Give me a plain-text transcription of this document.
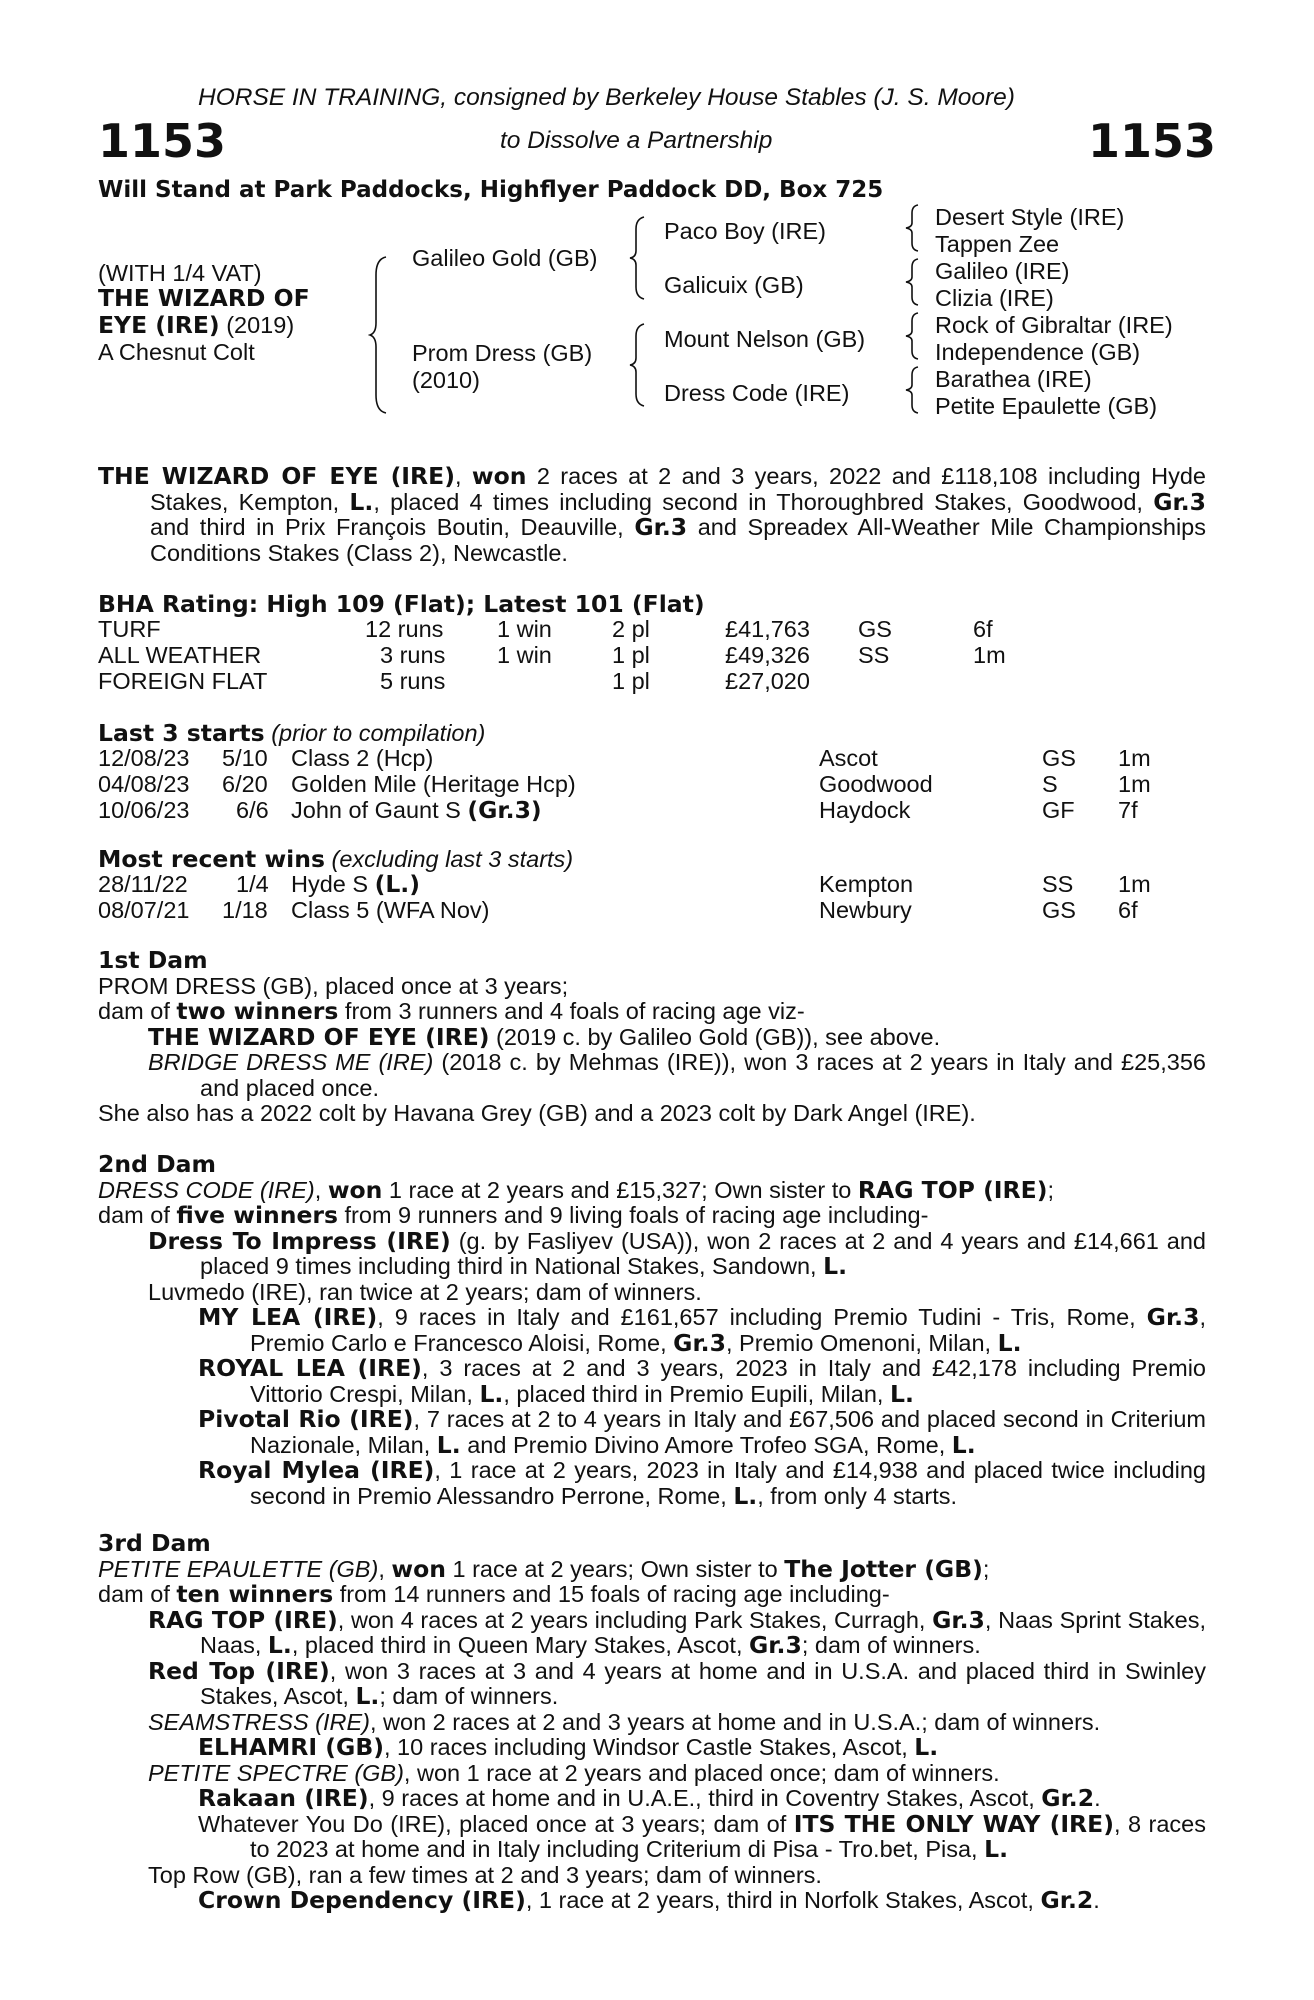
HORSE IN TRAINING, consigned by Berkeley House Stables (J. S. Moore)
1153	to Dissolve a Partnership	1153
Will Stand at Park Paddocks, Highflyer Paddock DD, Box 725
(WITH 1/4 VAT)
THE WIZARD OF
EYE (IRE) (2019)
A Chesnut Colt
Galileo Gold (GB)
Prom Dress (GB)
(2010)
Paco Boy (IRE)
Galicuix (GB)
Mount Nelson (GB)
Dress Code (IRE)
Desert Style (IRE)
Tappen Zee
Galileo (IRE)
Clizia (IRE)
Rock of Gibraltar (IRE)
Independence (GB)
Barathea (IRE)
Petite Epaulette (GB)

THE WIZARD OF EYE (IRE), won 2 races at 2 and 3 years, 2022 and £118,108 including Hyde Stakes, Kempton, L., placed 4 times including second in Thoroughbred Stakes, Goodwood, Gr.3 and third in Prix François Boutin, Deauville, Gr.3 and Spreadex All-Weather Mile Championships Conditions Stakes (Class 2), Newcastle.

BHA Rating: High 109 (Flat); Latest 101 (Flat)
TURF	12 runs 1 win	2 pl	£41,763 GS	6f
ALL WEATHER	3 runs 1 win	1 pl	£49,326 SS	1m
FOREIGN FLAT	5 runs	1 pl	£27,020
Last 3 starts (prior to compilation)
12/08/23 5/10 Class 2 (Hcp)	Ascot	GS 1m
04/08/23 6/20 Golden Mile (Heritage Hcp)	Goodwood	S	1m
10/06/23 6/6 John of Gaunt S (Gr.3)	Haydock	GF 7f
Most recent wins (excluding last 3 starts)
28/11/22 1/4 Hyde S (L.)	Kempton	SS 1m
08/07/21 1/18 Class 5 (WFA Nov)	Newbury	GS 6f

1st Dam

PROM DRESS (GB), placed once at 3 years;

dam of two winners from 3 runners and 4 foals of racing age viz-

THE WIZARD OF EYE (IRE) (2019 c. by Galileo Gold (GB)), see above.

BRIDGE DRESS ME (IRE) (2018 c. by Mehmas (IRE)), won 3 races at 2 years in Italy and £25,356 and placed once.

She also has a 2022 colt by Havana Grey (GB) and a 2023 colt by Dark Angel (IRE).

2nd Dam

DRESS CODE (IRE), won 1 race at 2 years and £15,327; Own sister to RAG TOP (IRE);

dam of five winners from 9 runners and 9 living foals of racing age including-

Dress To Impress (IRE) (g. by Fasliyev (USA)), won 2 races at 2 and 4 years and £14,661 and placed 9 times including third in National Stakes, Sandown, L.

Luvmedo (IRE), ran twice at 2 years; dam of winners.

MY LEA (IRE), 9 races in Italy and £161,657 including Premio Tudini - Tris, Rome, Gr.3, Premio Carlo e Francesco Aloisi, Rome, Gr.3, Premio Omenoni, Milan, L.

ROYAL LEA (IRE), 3 races at 2 and 3 years, 2023 in Italy and £42,178 including Premio Vittorio Crespi, Milan, L., placed third in Premio Eupili, Milan, L.

Pivotal Rio (IRE), 7 races at 2 to 4 years in Italy and £67,506 and placed second in Criterium Nazionale, Milan, L. and Premio Divino Amore Trofeo SGA, Rome, L.

Royal Mylea (IRE), 1 race at 2 years, 2023 in Italy and £14,938 and placed twice including second in Premio Alessandro Perrone, Rome, L., from only 4 starts.

3rd Dam

PETITE EPAULETTE (GB), won 1 race at 2 years; Own sister to The Jotter (GB);

dam of ten winners from 14 runners and 15 foals of racing age including-

RAG TOP (IRE), won 4 races at 2 years including Park Stakes, Curragh, Gr.3, Naas Sprint Stakes, Naas, L., placed third in Queen Mary Stakes, Ascot, Gr.3; dam of winners.

Red Top (IRE), won 3 races at 3 and 4 years at home and in U.S.A. and placed third in Swinley Stakes, Ascot, L.; dam of winners.

SEAMSTRESS (IRE), won 2 races at 2 and 3 years at home and in U.S.A.; dam of winners.

ELHAMRI (GB), 10 races including Windsor Castle Stakes, Ascot, L.

PETITE SPECTRE (GB), won 1 race at 2 years and placed once; dam of winners.

Rakaan (IRE), 9 races at home and in U.A.E., third in Coventry Stakes, Ascot, Gr.2.

Whatever You Do (IRE), placed once at 3 years; dam of ITS THE ONLY WAY (IRE), 8 races to 2023 at home and in Italy including Criterium di Pisa - Tro.bet, Pisa, L.

Top Row (GB), ran a few times at 2 and 3 years; dam of winners.

Crown Dependency (IRE), 1 race at 2 years, third in Norfolk Stakes, Ascot, Gr.2.
